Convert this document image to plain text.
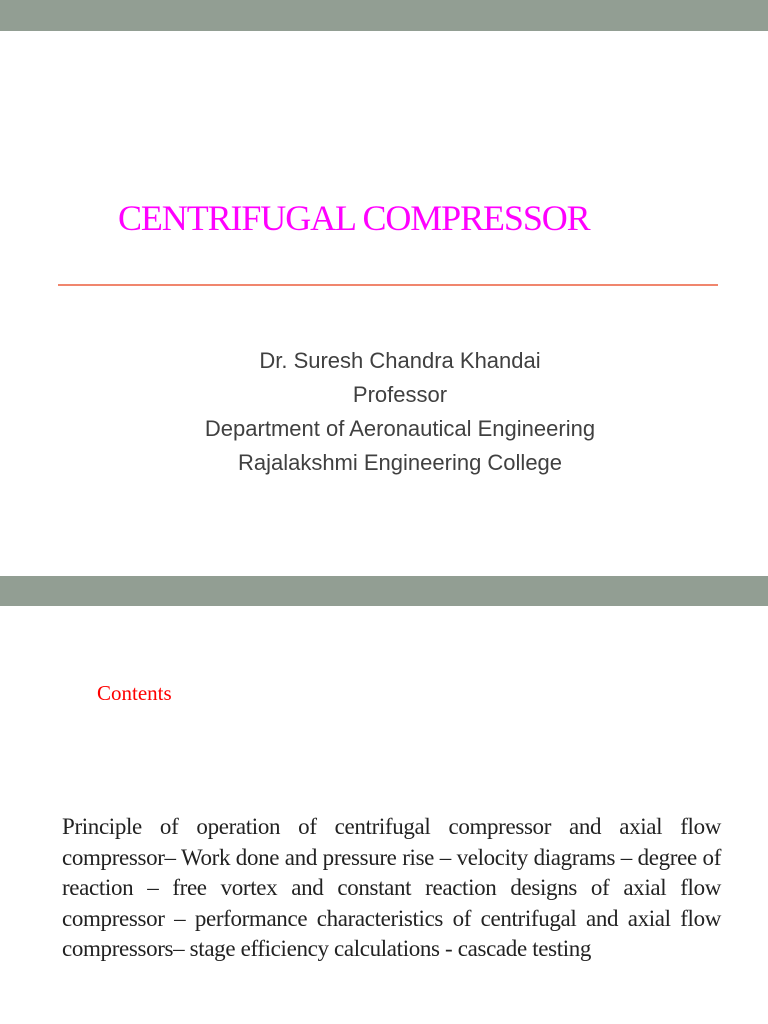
CENTRIFUGAL COMPRESSOR
Dr. Suresh Chandra Khandai
Professor
Department of Aeronautical Engineering
Rajalakshmi Engineering College
Contents
Principle of operation of centrifugal compressor and axial flow compressor– Work done and pressure rise – velocity diagrams – degree of reaction – free vortex and constant reaction designs of axial flow compressor – performance characteristics of centrifugal and axial flow compressors– stage efficiency calculations - cascade testing
